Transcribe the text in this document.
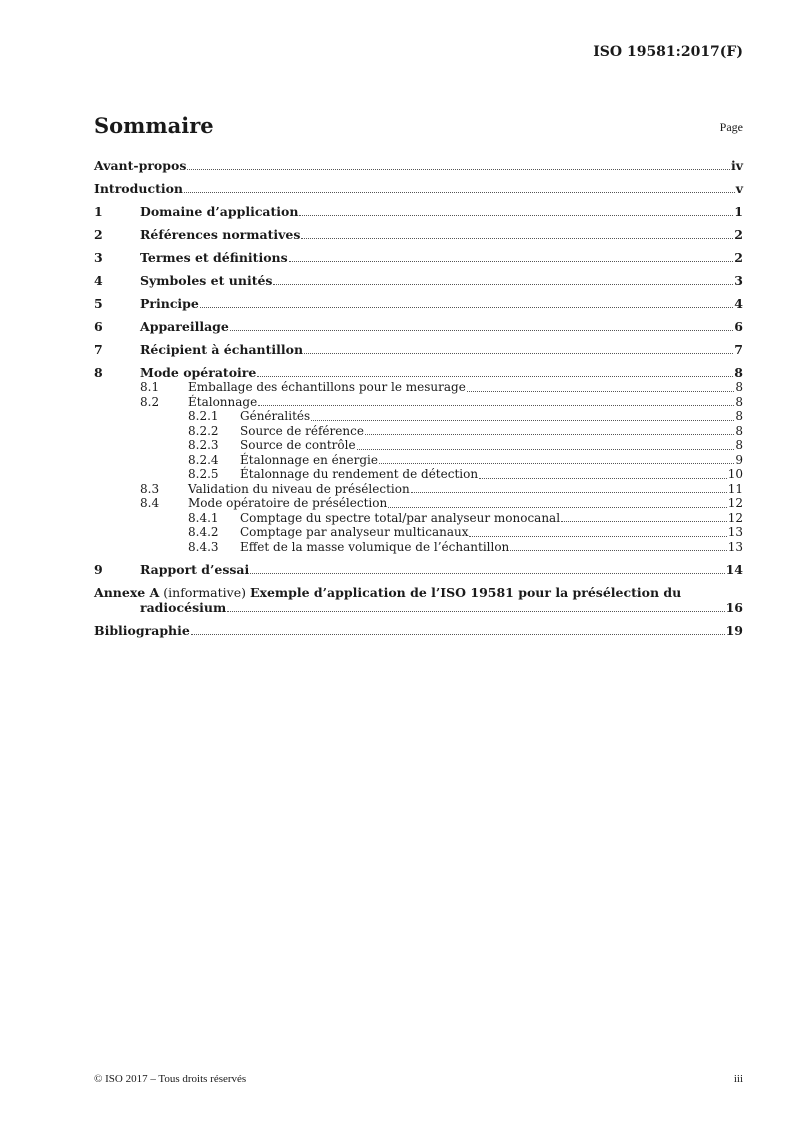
ISO 19581:2017(F)
Sommaire	Page
Avant-propos	iv
Introduction	v
1	Domaine d’application	1
2	Références normatives	2
3	Termes et définitions	2
4	Symboles et unités	3
5	Principe	4
6	Appareillage	6
7	Récipient à échantillon	7
8	Mode opératoire	8
8.1	Emballage des échantillons pour le mesurage	8
8.2	Étalonnage	8
8.2.1	Généralités	8
8.2.2	Source de référence	8
8.2.3	Source de contrôle	8
8.2.4	Étalonnage en énergie	9
8.2.5	Étalonnage du rendement de détection	10
8.3	Validation du niveau de présélection	11
8.4	Mode opératoire de présélection	12
8.4.1	Comptage du spectre total/par analyseur monocanal	12
8.4.2	Comptage par analyseur multicanaux	13
8.4.3	Effet de la masse volumique de l’échantillon	13
9	Rapport d’essai	14
Annexe A (informative) Exemple d’application de l’ISO 19581 pour la présélection du
radiocésium	16
Bibliographie	19
© ISO 2017 – Tous droits réservés	iii
